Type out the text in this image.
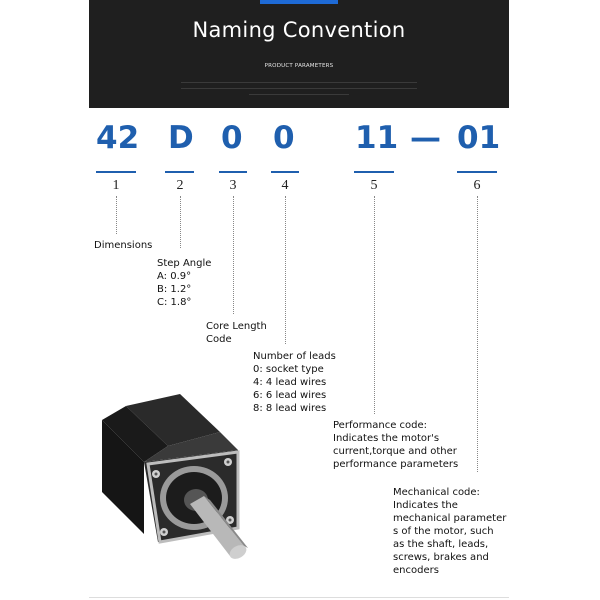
Naming Convention
PRODUCT PARAMETERS
42 D 0 0 11 — 01
1	2	3	4	5	6
Dimensions
Step Angle
A: 0.9°
B: 1.2°
C: 1.8°
Core Length
Code
Number of leads
0: socket type
4: 4 lead wires
6: 6 lead wires
8: 8 lead wires
Performance code:
Indicates the motor's
current,torque and other
performance parameters
Mechanical code:
Indicates the
mechanical parameter
s of the motor, such
as the shaft, leads,
screws, brakes and
encoders
